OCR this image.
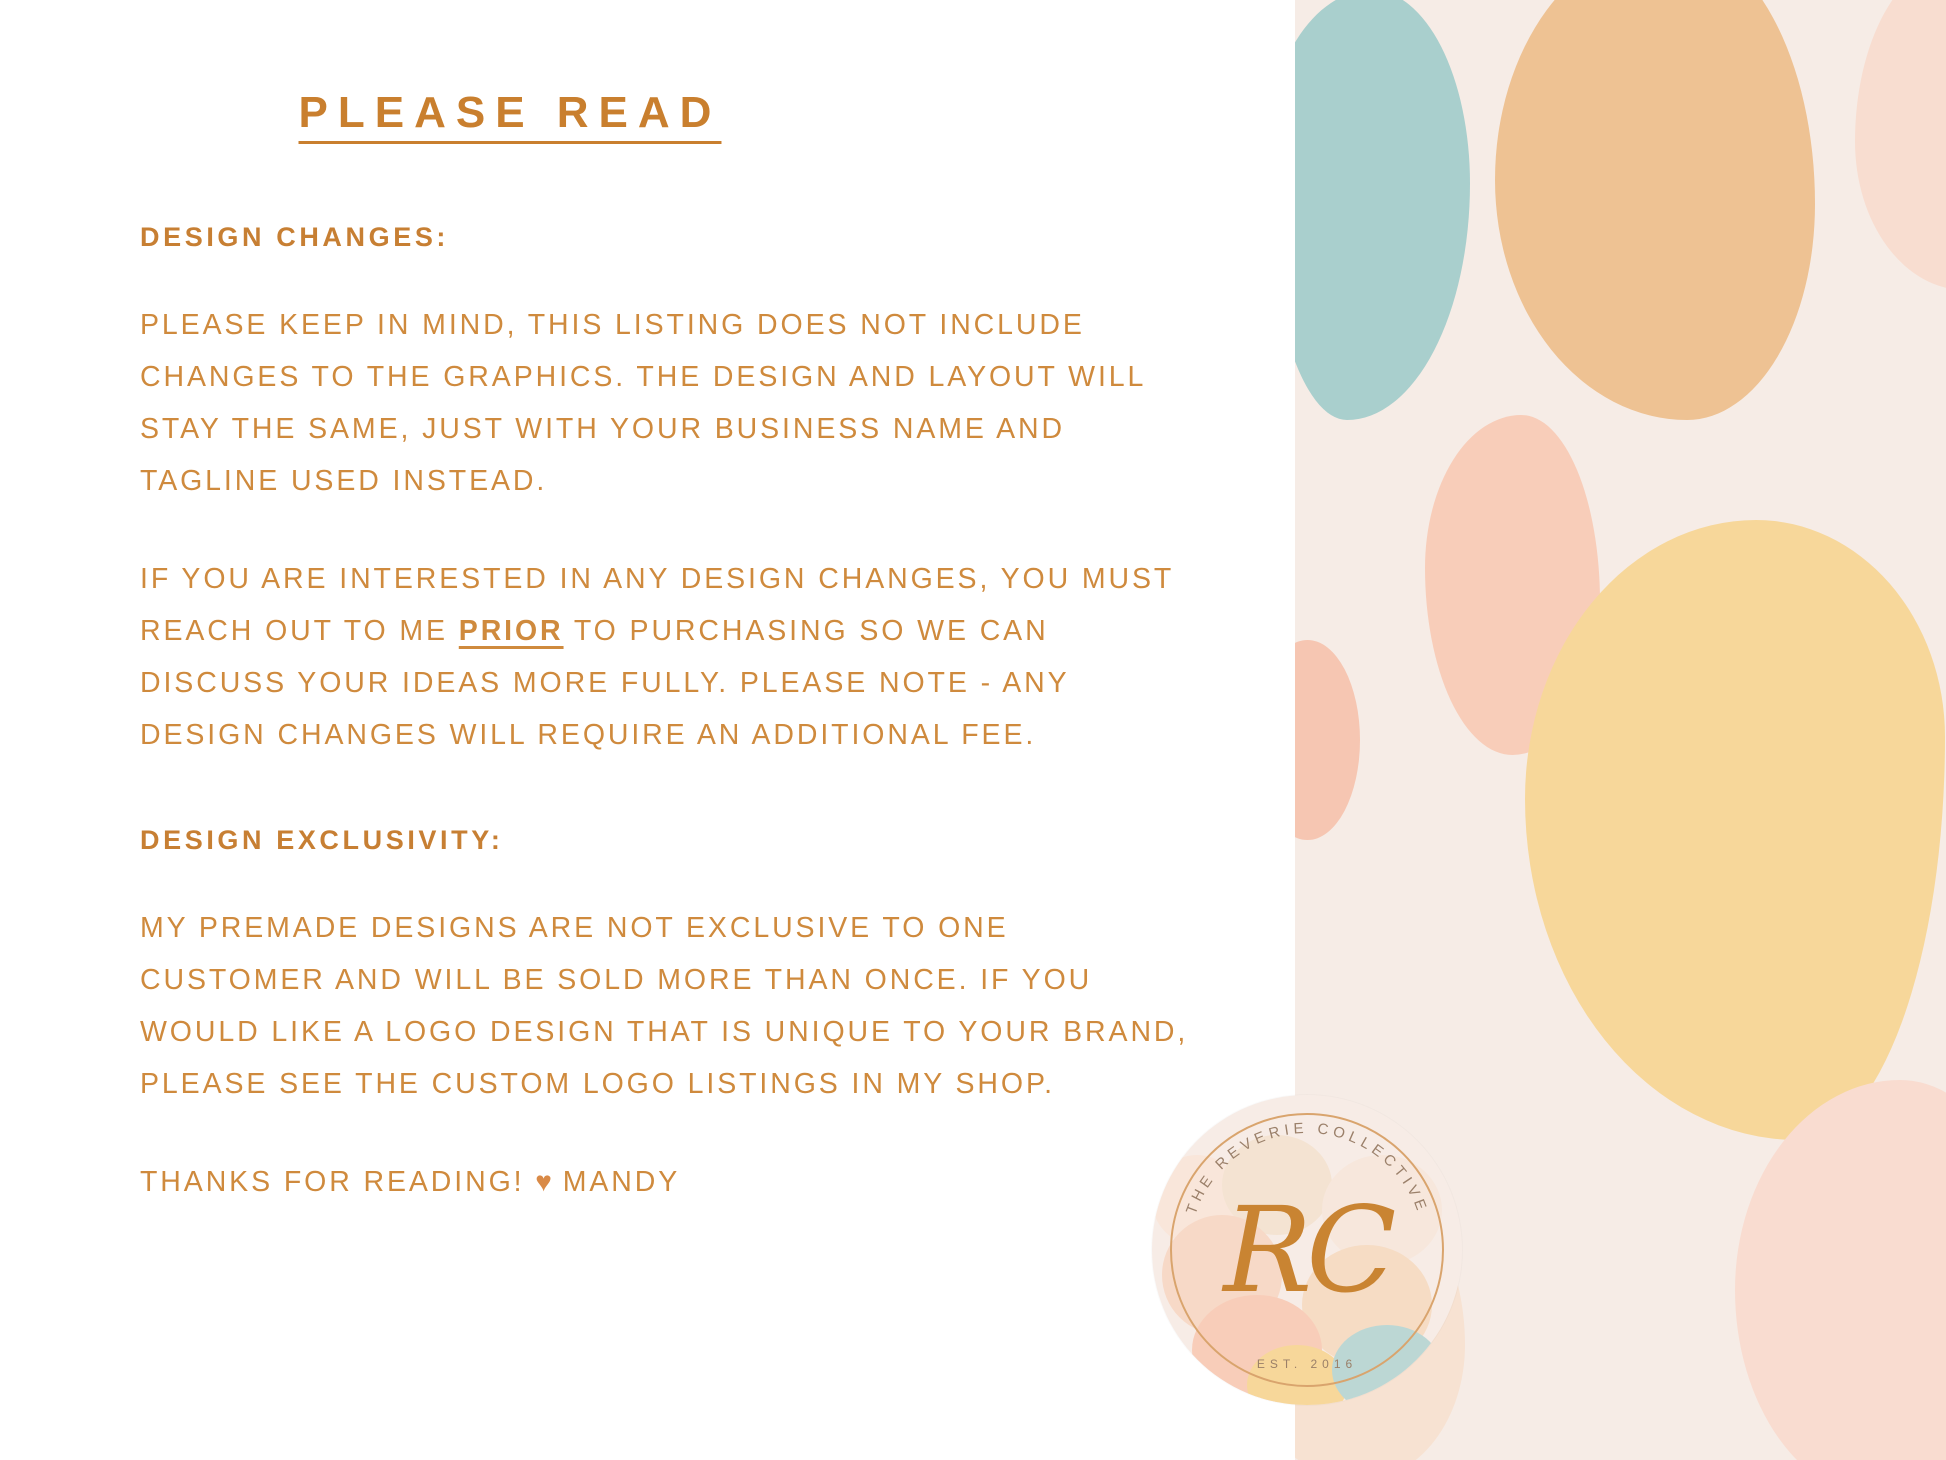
PLEASE READ

DESIGN CHANGES:

PLEASE KEEP IN MIND, THIS LISTING DOES NOT INCLUDE CHANGES TO THE GRAPHICS. THE DESIGN AND LAYOUT WILL STAY THE SAME, JUST WITH YOUR BUSINESS NAME AND TAGLINE USED INSTEAD.

IF YOU ARE INTERESTED IN ANY DESIGN CHANGES, YOU MUST REACH OUT TO ME PRIOR TO PURCHASING SO WE CAN DISCUSS YOUR IDEAS MORE FULLY. PLEASE NOTE - ANY DESIGN CHANGES WILL REQUIRE AN ADDITIONAL FEE.

DESIGN EXCLUSIVITY:

MY PREMADE DESIGNS ARE NOT EXCLUSIVE TO ONE CUSTOMER AND WILL BE SOLD MORE THAN ONCE. IF YOU WOULD LIKE A LOGO DESIGN THAT IS UNIQUE TO YOUR BRAND, PLEASE SEE THE CUSTOM LOGO LISTINGS IN MY SHOP.

THANKS FOR READING! ♥ MANDY

THE REVERIE COLLECTIVE
RC
EST. 2016
